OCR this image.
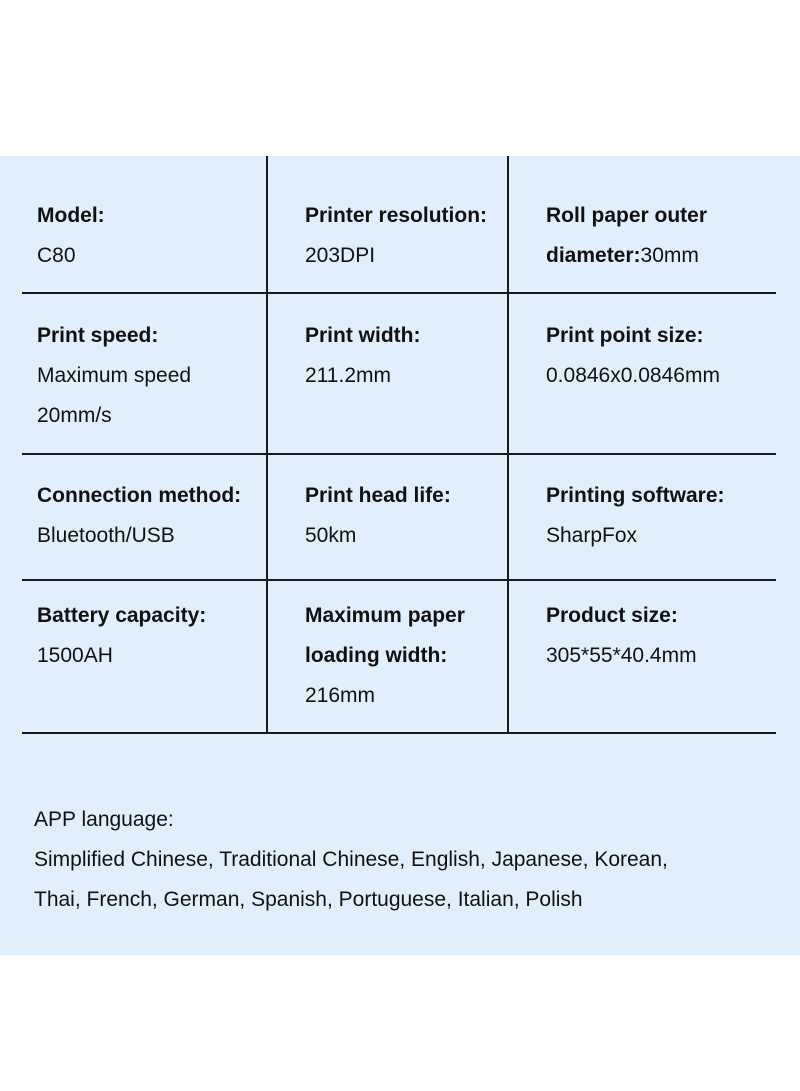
Model:
C80
Printer resolution:
203DPI
Roll paper outer
diameter:30mm
Print speed:
Maximum speed
20mm/s
Print width:
211.2mm
Print point size:
0.0846x0.0846mm
Connection method:
Bluetooth/USB
Print head life:
50km
Printing software:
SharpFox
Battery capacity:
1500AH
Maximum paper
loading width:
216mm
Product size:
305*55*40.4mm
APP language:
Simplified Chinese, Traditional Chinese, English, Japanese, Korean,
Thai, French, German, Spanish, Portuguese, Italian, Polish
